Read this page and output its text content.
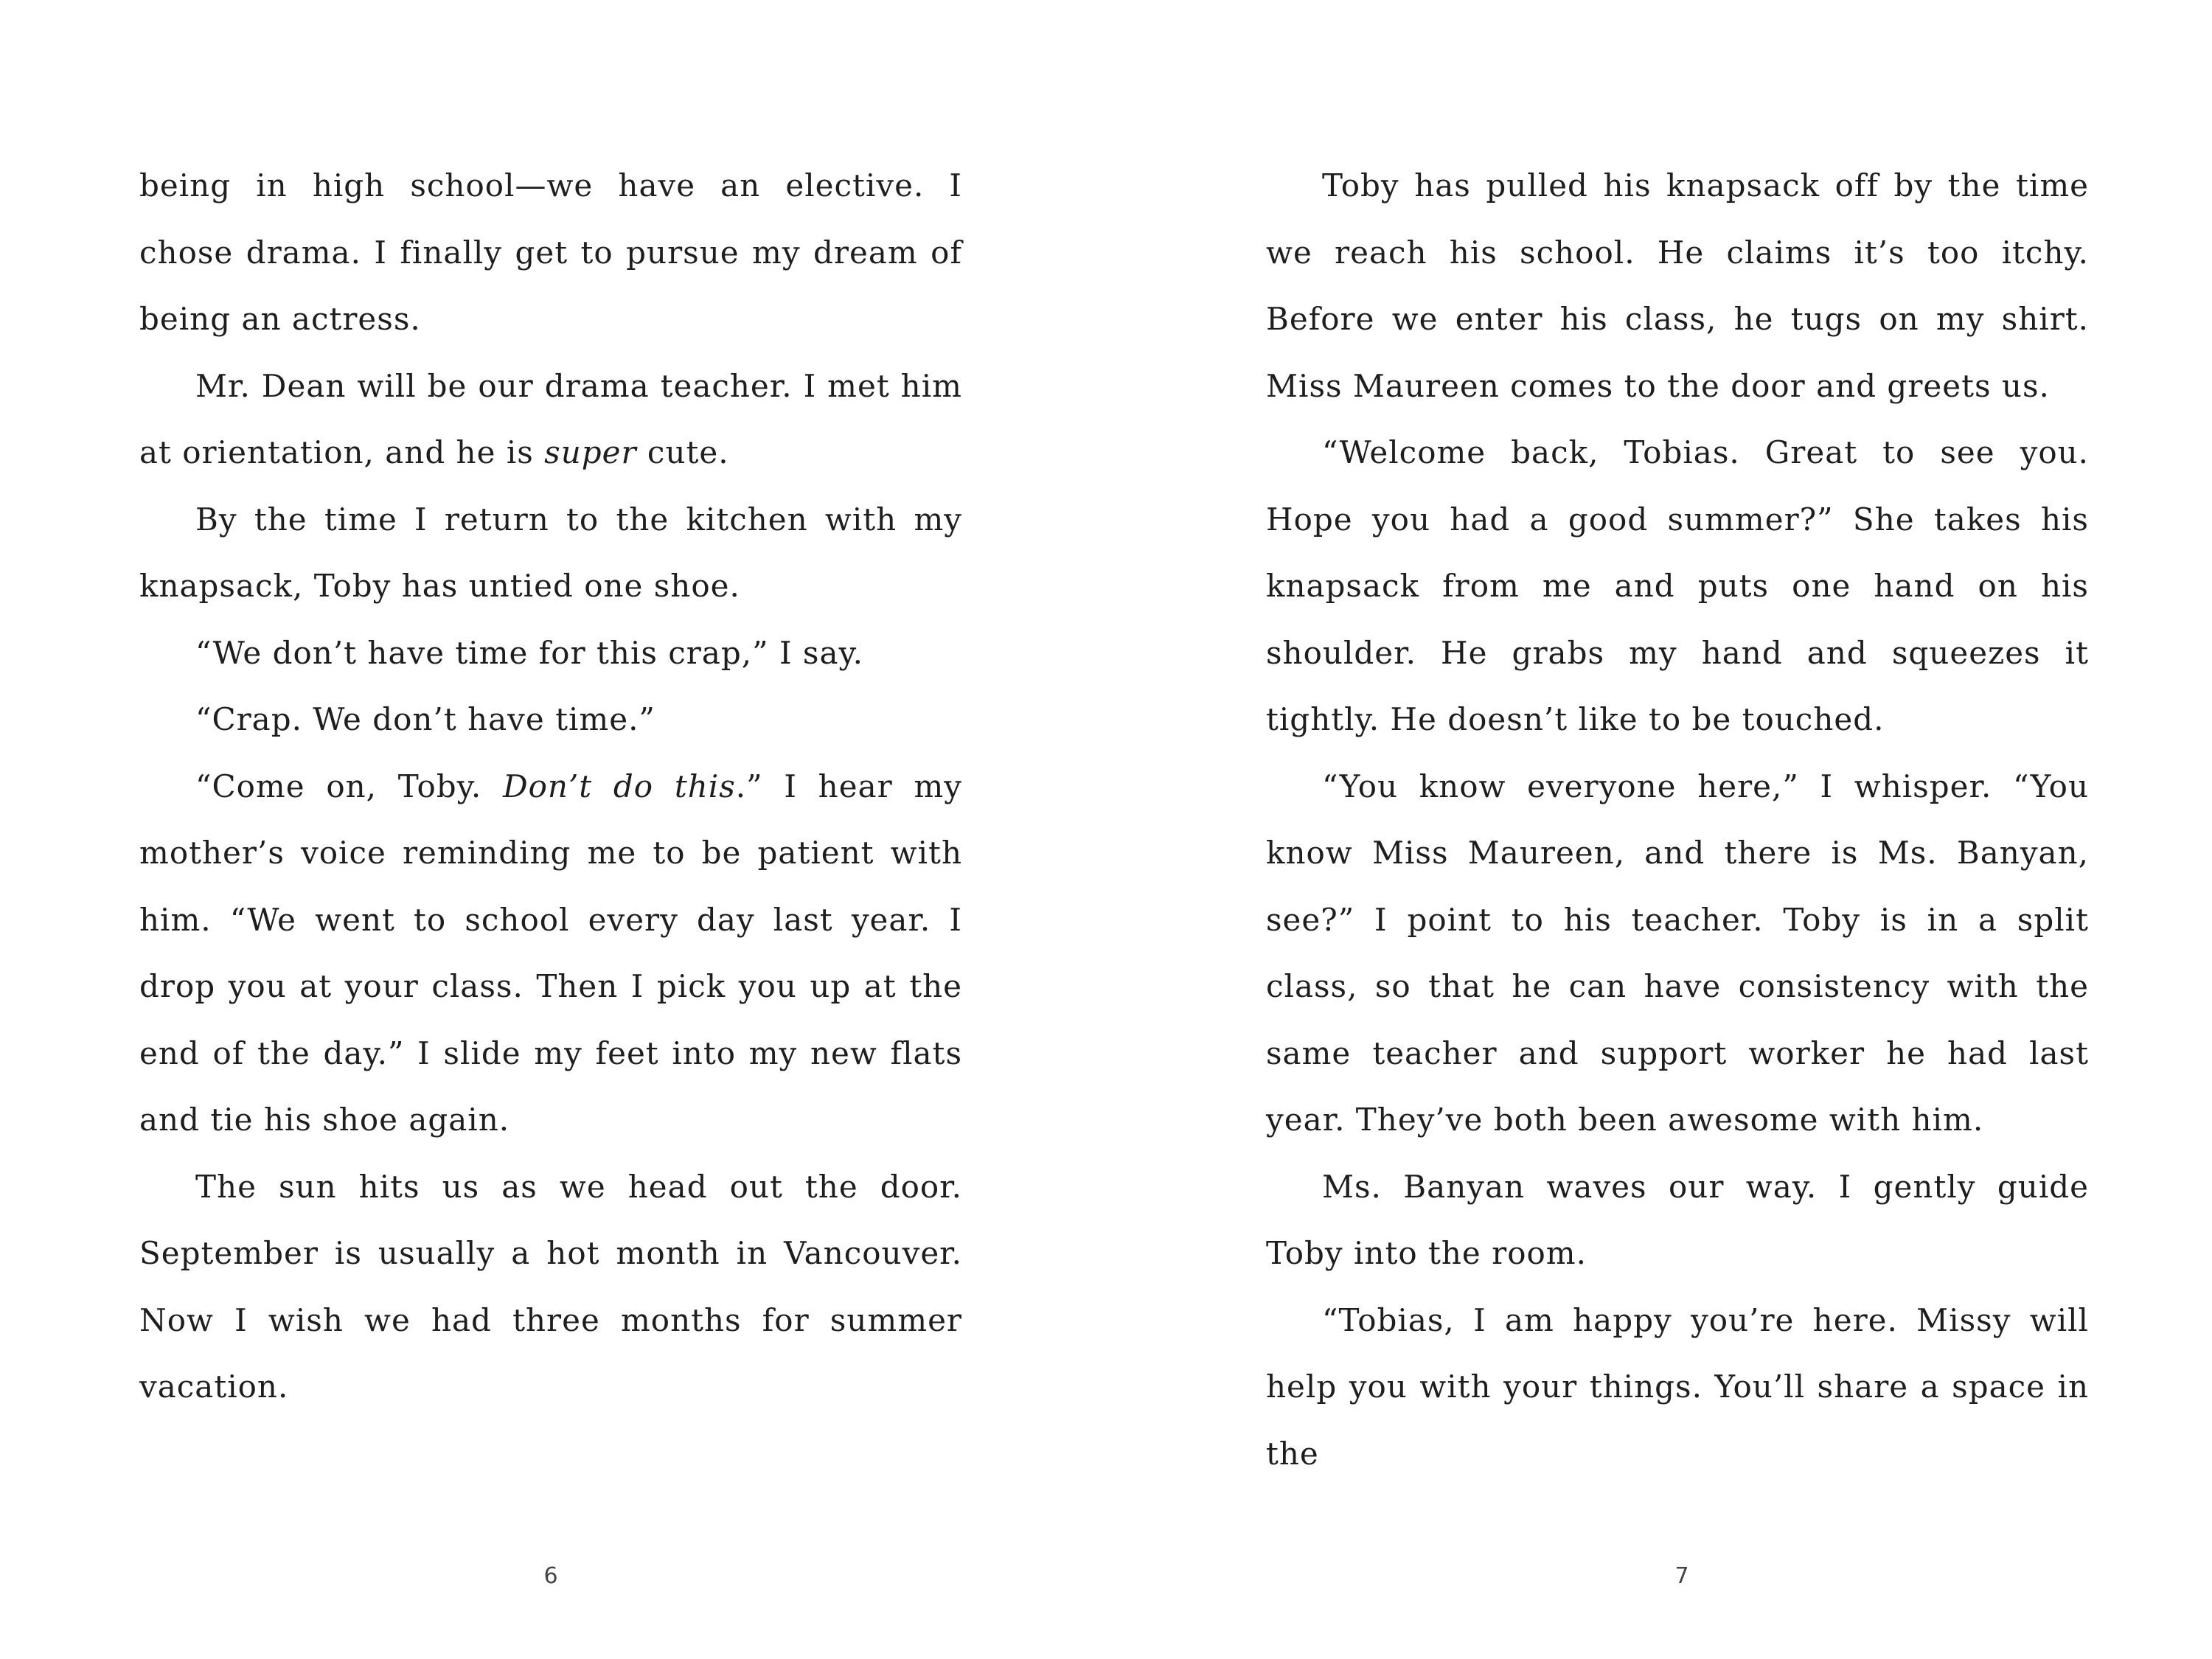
being in high school—we have an elective. I chose drama. I finally get to pursue my dream of being an actress.

Mr. Dean will be our drama teacher. I met him at orientation, and he is super cute.

By the time I return to the kitchen with my knapsack, Toby has untied one shoe.

“We don’t have time for this crap,” I say.

“Crap. We don’t have time.”

“Come on, Toby. Don’t do this.” I hear my mother’s voice reminding me to be patient with him. “We went to school every day last year. I drop you at your class. Then I pick you up at the end of the day.” I slide my feet into my new flats and tie his shoe again.

The sun hits us as we head out the door. September is usually a hot month in Vancouver. Now I wish we had three months for summer vacation.

6

Toby has pulled his knapsack off by the time we reach his school. He claims it’s too itchy. Before we enter his class, he tugs on my shirt. Miss Maureen comes to the door and greets us.

“Welcome back, Tobias. Great to see you. Hope you had a good summer?” She takes his knapsack from me and puts one hand on his shoulder. He grabs my hand and squeezes it tightly. He doesn’t like to be touched.

“You know everyone here,” I whisper. “You know Miss Maureen, and there is Ms. Banyan, see?” I point to his teacher. Toby is in a split class, so that he can have consistency with the same teacher and support worker he had last year. They’ve both been awesome with him.

Ms. Banyan waves our way. I gently guide Toby into the room.

“Tobias, I am happy you’re here. Missy will help you with your things. You’ll share a space in the

7
